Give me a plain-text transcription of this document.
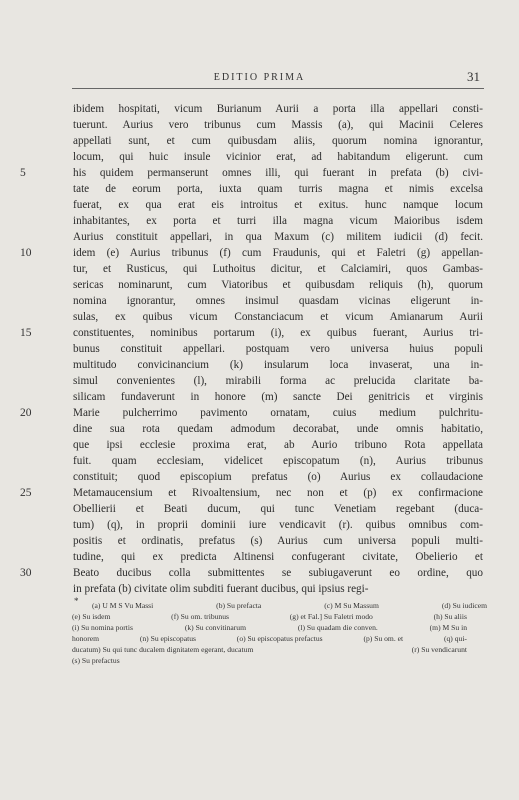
EDITIO PRIMA	31
ibidem hospitati, vicum Burianum Aurii a porta illa appellari consti-
tuerunt. Aurius vero tribunus cum Massis (a), qui Macinii Celeres
appellati sunt, et cum quibusdam aliis, quorum nomina ignorantur,
locum, qui huic insule vicinior erat, ad habitandum eligerunt. cum
his quidem permanserunt omnes illi, qui fuerant in prefata (b) civi-
tate de eorum porta, iuxta quam turris magna et nimis excelsa
fuerat, ex qua erat eis introitus et exitus. hunc namque locum
inhabitantes, ex porta et turri illa magna vicum Maioribus isdem
Aurius constituit appellari, in qua Maxum (c) militem iudicii (d) fecit.
idem (e) Aurius tribunus (f) cum Fraudunis, qui et Faletri (g) appellan-
tur, et Rusticus, qui Luthoitus dicitur, et Calciamiri, quos Gambas-
sericas nominarunt, cum Viatoribus et quibusdam reliquis (h), quorum
nomina ignorantur, omnes insimul quasdam vicinas eligerunt in-
sulas, ex quibus vicum Constanciacum et vicum Amianarum Aurii
constituentes, nominibus portarum (i), ex quibus fuerant, Aurius tri-
bunus constituit appellari. postquam vero universa huius populi
multitudo convicinancium (k) insularum loca invaserat, una in-
simul convenientes (l), mirabili forma ac prelucida claritate ba-
silicam fundaverunt in honore (m) sancte Dei genitricis et virginis
Marie pulcherrimo pavimento ornatam, cuius medium pulchritu-
dine sua rota quedam admodum decorabat, unde omnis habitatio,
que ipsi ecclesie proxima erat, ab Aurio tribuno Rota appellata
fuit. quam ecclesiam, videlicet episcopatum (n), Aurius tribunus
constituit; quod episcopium prefatus (o) Aurius ex collaudacione
Metamaucensium et Rivoaltensium, nec non et (p) ex confirmacione
Obellierii et Beati ducum, qui tunc Venetiam regebant (duca-
tum) (q), in proprii dominii iure vendicavit (r). quibus omnibus com-
positis et ordinatis, prefatus (s) Aurius cum universa populi multi-
tudine, qui ex predicta Altinensi confugerant civitate, Obelierio et
Beato ducibus colla submittentes se subiugaverunt eo ordine, quo
in prefata (b) civitate olim subditi fuerant ducibus, qui ipsius regi-
5
10
15
20
25
30
* (a) U M S Vu Massi	(b) Su prefacta	(c) M Su Massum	(d) Su iudicem
(e) Su isdem	(f) Su om. tribunus	(g) et Fal.] Su Faletri modo	(h) Su aliis
(i) Su nomina portis	(k) Su convitinarum	(l) Su quadam die conven.	(m) M Su in
honorem	(n) Su episcopatus	(o) Su episcopatus prefactus	(p) Su om. et	(q) qui-
ducatum) Su qui tunc ducalem dignitatem egerant, ducatum	(r) Su vendicarunt
(s) Su prefactus
